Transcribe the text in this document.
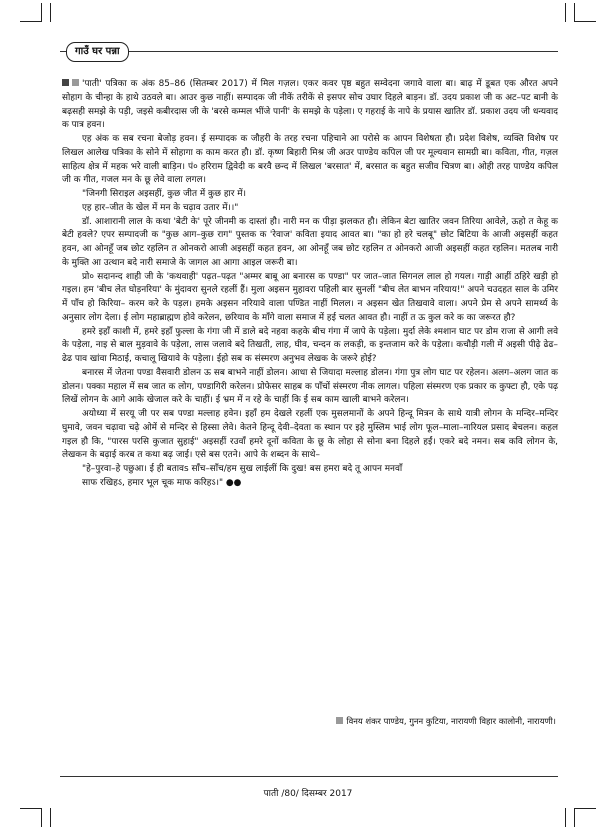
गाउँ घर पन्ना

'पाती' पत्रिका क अंक 85–86 (सितम्बर 2017) में मिल गज़ल। एकर कवर पृष्ठ बहुत सम्वेदना जगावे वाला बा। बाढ़ में डूबत एक औरत अपने सोहाग के चीन्हा के हाथे उठवले बा। आउर कुछ नाहीं। सम्पादक जी नीकें तरीकें से इसपर सोच उघार दिहले बाड़न। डॉ. उदय प्रकाश जी क अट–पट बानी के बढ़सही समझे के पड़ी, जइसे कबीरदास जी के 'बरसे कम्मल भींजे पानी' के समझे के पड़ेला। ए गहराई के नापे के प्रयास खातिर डॉ. प्रकाश उदय जी धन्यवाद क पात्र हवन।

एह अंक क सब रचना बेजोड़ हवन। ई सम्पादक क जौहरी के तरह रचना पहिचाने आ परोसे क आपन विशेषता हौ। प्रदेश विशेष, व्यक्ति विशेष पर लिखल आलेख पत्रिका के सोने में सोहागा क काम करत हौ। डॉ. कृष्ण बिहारी मिश्र जी अउर पाण्डेय कपिल जी पर मूल्यवान सामग्री बा। कविता, गीत, गज़ल साहित्य क्षेत्र में महक भरे वाली बाड़िन। पं० हरिराम द्विवेदी क बरवै छन्द में लिखल 'बरसात' में, बरसात क बहुत सजीव चित्रण बा। ओही तरह पाण्डेय कपिल जी क गीत, गजल मन के छू लेवे वाला लगल।

"जिनगी सिराइल अइसहीं, कुछ जीत में कुछ हार में।

एह हार–जीत के खेल में मन के चढ़ाव उतार में।।"

डॉ. आशारानी लाल के कथा 'बेटी के' पूरे जीनमी क दास्तां हौ। नारी मन क पीड़ा झलकत हौ। लेकिन बेटा खातिर जवन तिरिया आवेले, ऊहो त केहू क बेटी हवले? एपर सम्पादजी क "कुछ आग–कुछ राग" पुस्तक क 'रेवाज' कविता इयाद आवत बा। "का हो हरे चलबू" छोट बिटिया के आजी अइसहीं कहत हवन, आ ओनहूँ जब छोट रहलिन त ओनकरो आजी अइसहीं कहत हवन, आ ओनहूँ जब छोट रहलिन त ओनकरो आजी अइसहीं कहत रहलिन। मतलब नारी के मुक्ति आ उत्थान बदे नारी समाजे के जागल आ आगा आइल जरूरी बा।

प्रो० सदानन्द शाही जी के 'कथवाही' पढ़त–पढ़त "अम्मर बाबू आ बनारस क पण्डा" पर जात–जात सिगनल लाल हो गयल। गाड़ी आहीं ठहिरे खड़ी हो गइल। हम 'बीच लेत घोड़नरिया' के मुंदावरा सुनले रहलीं हैं। मुला अइसन मुहावरा पहिली बार सुनलीं "बीच लेत बाभन नरियाय!" अपने चउदहत साल के उमिर में पाँच हो किरिया– करम करे के पड़ल। हमके अइसन नरियावे वाला पण्डित नाहीं मिलल। न अइसन खेत तिखवावे वाला। अपने प्रेम से अपने सामर्थ्य के अनुसार लोग देला। ई लोग महाब्राह्मण होवे करेलन, छरियाव के माँगे वाला समाज में हई चलत आवत हौ। नाहीं त ऊ कुल करे क का जरूरत हौ?

हमरे इहाँ काशी में, हमरे इहाँ फुल्ला के गंगा जी में डाले बदे नहवा कहके बीच गंगा में जापे के पड़ेला। मुर्दा लेके श्मशान घाट पर डोम राजा से आगी लवे के पड़ेला, नाइ से बाल मुड़वावे के पड़ेला, लास जलावे बदे तिखती, लाह, घीव, चन्दन क लकड़ी, क इन्तजाम करे के पड़ेला। कचौड़ी गली में अइसी पीढ़े ढेढ–ढेढ पाव खांवा मिठाई, कचालू खियावे के पड़ेला। ईहो सब क संस्मरण अनुभव लेखक के जरूरे होई?

बनारस में जेतना पण्डा वैसवारी डोलन ऊ सब बाभने नाहीं डोलन। आधा से जियादा मल्लाह डोलन। गंगा पुत्र लोग घाट पर रहेलन। अलग–अलग जात क डोलन। पक्का महाल में सब जात क लोग, पण्डागिरी करेलन। प्रोफेसर साहब क पाँचों संस्मरण नीक लागल। पहिला संस्मरण एक प्रकार क कुफ्टा हौ, एके पढ़ लिखें लोगन के आगे आके खेजाल करे के चाहीं। ई भ्रम में न रहे के चाहीं कि ई सब काम खाली बाभने करेलन।

अयोध्या में सरयू जी पर सब पण्डा मल्लाह हवेन। इहाँ हम देखले रहलीं एक मुसलमानों के अपने हिन्दू मित्रन के साथे यात्री लोगन के मन्दिर–मन्दिर घुमावे, जवन चढ़ावा चढ़े ओमें से मन्दिर से हिस्सा लेवे। केतने हिन्दू देवी–देवता क स्थान पर इहे मुस्लिम भाई लोग फूल–माला–नारियल प्रसाद बेचलन। कहल गइल हौ कि, "पारस परसि कुजात सुहाई" अइसहीं रउवाँ हमरे दूनों कविता के छू के लोहा से सोना बना दिहले हईं। एकरे बदे नमन। सब कवि लोगन के, लेखकन के बढ़ाई करब त कथा बढ़ जाई। एसे बस एतने। आपे के शब्दन के साथे–

"हे–पुरवा–हे पछुआ। ई ही बतावs साँच–साँच/हम सुख लाईलीं कि दुख! बस हमरा बदे तू आपन मनवाँ

साफ रखिहऽ, हमार भूल चूक माफ करिहऽ।" ●●

विनय शंकर पाण्डेय, गुनन कुटिया, नारायणी विहार कालोनी, नारायणी।
पाती /80/ दिसम्बर 2017
